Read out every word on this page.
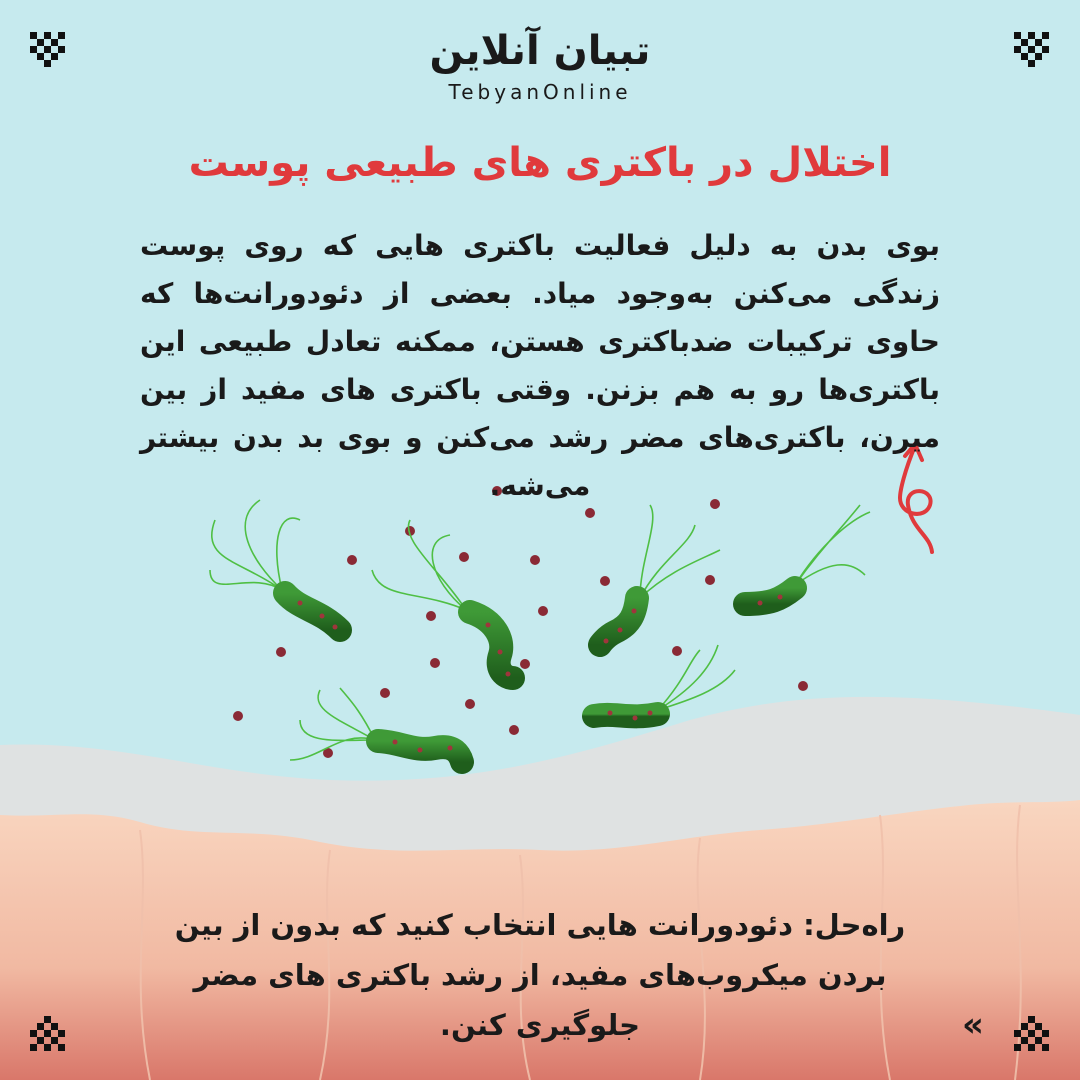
تبیان آنلاین
TebyanOnline
اختلال در باکتری های طبیعی پوست
بوی بدن به دلیل فعالیت باکتری هایی که روی پوست زندگی می‌کنن به‌وجود میاد. بعضی از دئودورانت‌ها که حاوی ترکیبات ضدباکتری هستن، ممکنه تعادل طبیعی این باکتری‌ها رو به هم بزنن. وقتی باکتری های مفید از بین میرن، باکتری‌های مضر رشد می‌کنن و بوی بد بدن بیشتر می‌شه.
راه‌حل: دئودورانت هایی انتخاب کنید که بدون از بین بردن میکروب‌های مفید، از رشد باکتری های مضر جلوگیری کنن.	«
